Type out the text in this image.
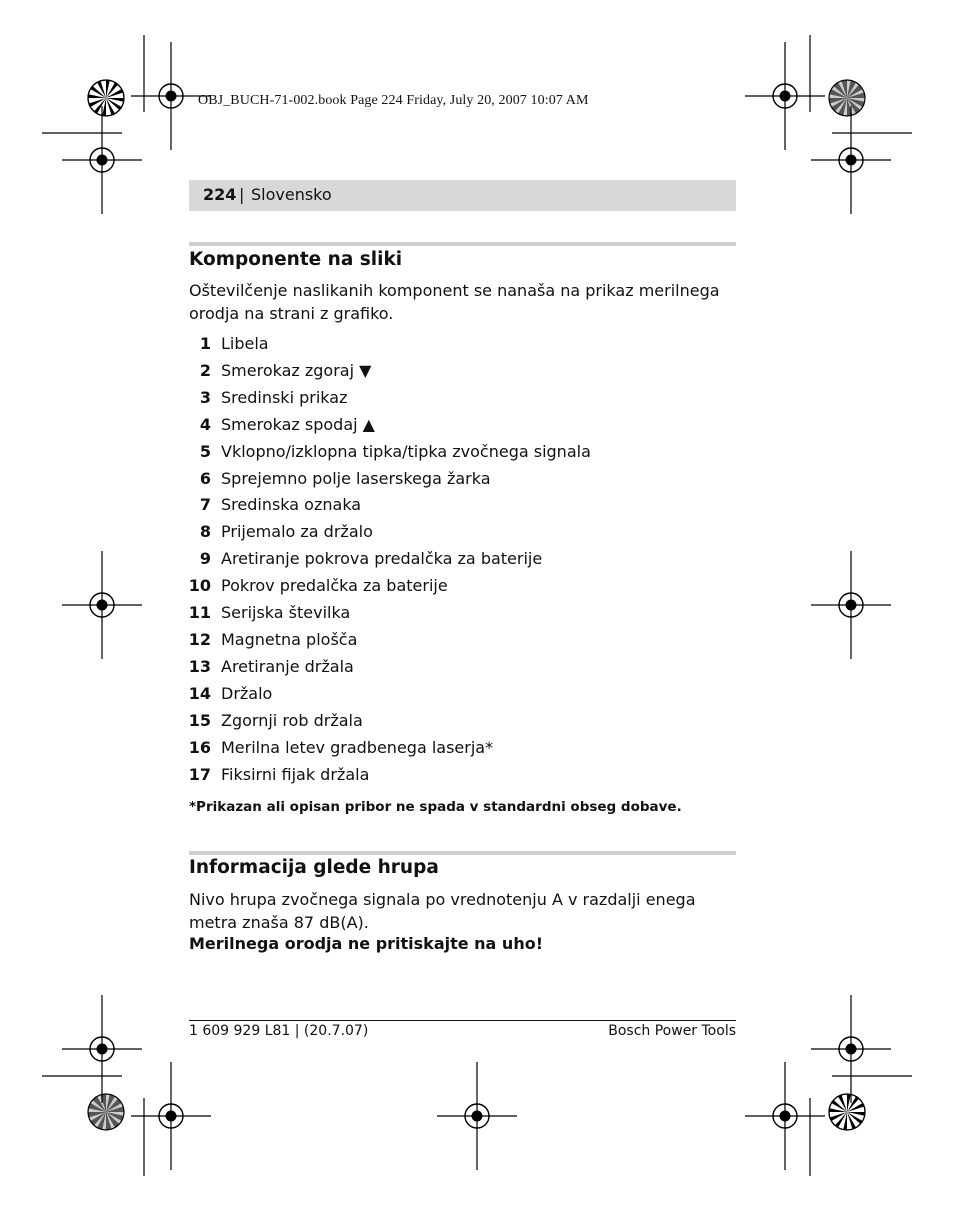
OBJ_BUCH-71-002.book Page 224 Friday, July 20, 2007 10:07 AM
224 | Slovensko
Komponente na sliki
Oštevilčenje naslikanih komponent se nanaša na prikaz merilnega
orodja na strani z grafiko.
1 Libela
2 Smerokaz zgoraj ▼
3 Sredinski prikaz
4 Smerokaz spodaj ▲
5 Vklopno/izklopna tipka/tipka zvočnega signala
6 Sprejemno polje laserskega žarka
7 Sredinska oznaka
8 Prijemalo za držalo
9 Aretiranje pokrova predalčka za baterije
10 Pokrov predalčka za baterije
11 Serijska številka
12 Magnetna plošča
13 Aretiranje držala
14 Držalo
15 Zgornji rob držala
16 Merilna letev gradbenega laserja*
17 Fiksirni fijak držala
*Prikazan ali opisan pribor ne spada v standardni obseg dobave.
Informacija glede hrupa
Nivo hrupa zvočnega signala po vrednotenju A v razdalji enega
metra znaša 87 dB(A).
Merilnega orodja ne pritiskajte na uho!
1 609 929 L81 | (20.7.07)	Bosch Power Tools
